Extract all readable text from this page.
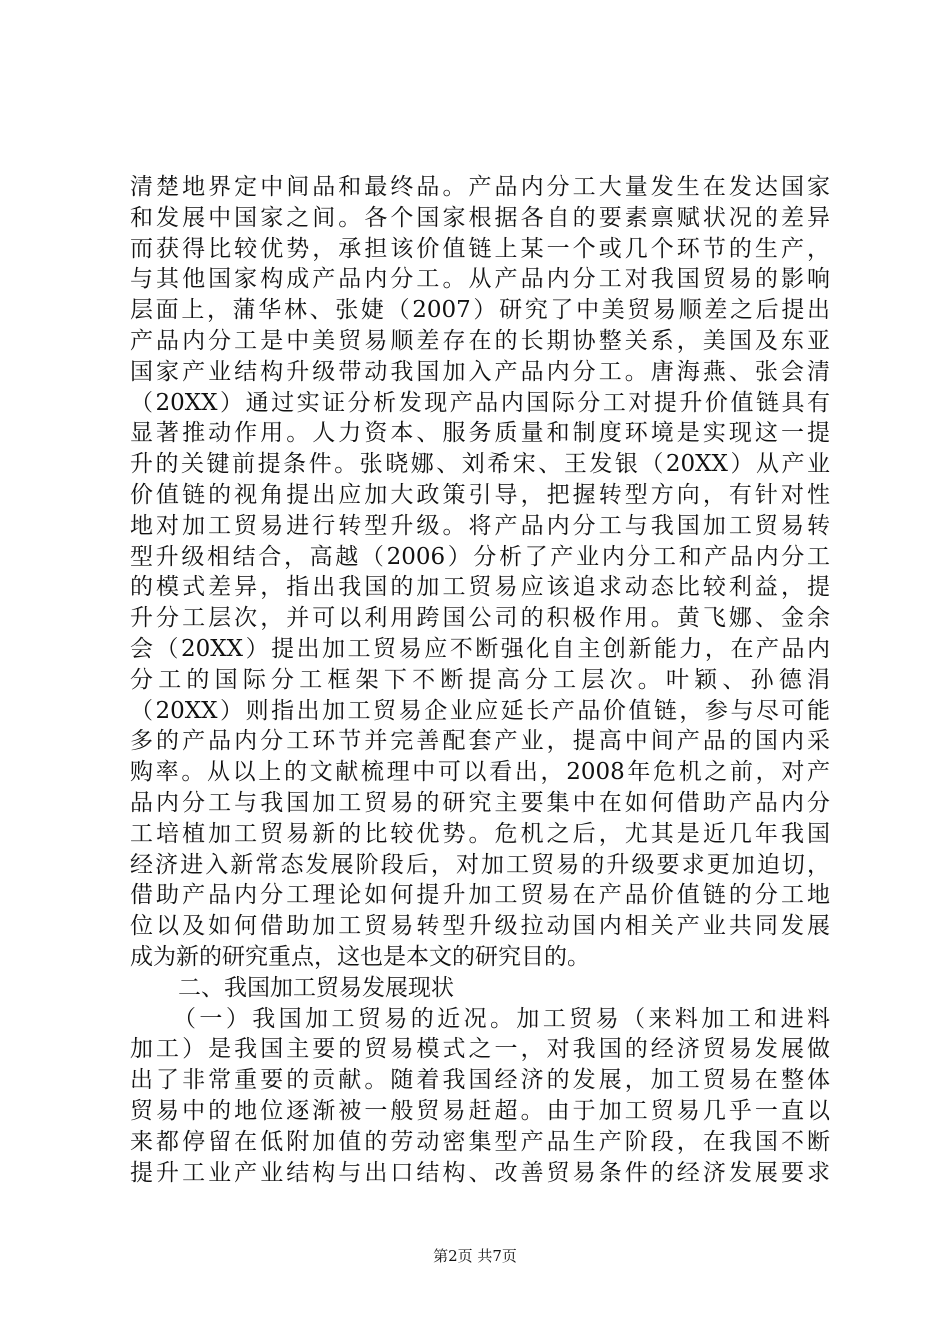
清楚地界定中间品和最终品。产品内分工大量发生在发达国家
和发展中国家之间。各个国家根据各自的要素禀赋状况的差异
而获得比较优势，承担该价值链上某一个或几个环节的生产，
与其他国家构成产品内分工。从产品内分工对我国贸易的影响
层面上，蒲华林、张婕（2007）研究了中美贸易顺差之后提出
产品内分工是中美贸易顺差存在的长期协整关系，美国及东亚
国家产业结构升级带动我国加入产品内分工。唐海燕、张会清
（20XX）通过实证分析发现产品内国际分工对提升价值链具有
显著推动作用。人力资本、服务质量和制度环境是实现这一提
升的关键前提条件。张晓娜、刘希宋、王发银（20XX）从产业
价值链的视角提出应加大政策引导，把握转型方向，有针对性
地对加工贸易进行转型升级。将产品内分工与我国加工贸易转
型升级相结合，高越（2006）分析了产业内分工和产品内分工
的模式差异，指出我国的加工贸易应该追求动态比较利益，提
升分工层次，并可以利用跨国公司的积极作用。黄飞娜、金余
会（20XX）提出加工贸易应不断强化自主创新能力，在产品内
分工的国际分工框架下不断提高分工层次。叶颖、孙德涓
（20XX）则指出加工贸易企业应延长产品价值链，参与尽可能
多的产品内分工环节并完善配套产业，提高中间产品的国内采
购率。从以上的文献梳理中可以看出，2008年危机之前，对产
品内分工与我国加工贸易的研究主要集中在如何借助产品内分
工培植加工贸易新的比较优势。危机之后，尤其是近几年我国
经济进入新常态发展阶段后，对加工贸易的升级要求更加迫切，
借助产品内分工理论如何提升加工贸易在产品价值链的分工地
位以及如何借助加工贸易转型升级拉动国内相关产业共同发展
成为新的研究重点，这也是本文的研究目的。
二、我国加工贸易发展现状
（一）我国加工贸易的近况。加工贸易（来料加工和进料
加工）是我国主要的贸易模式之一，对我国的经济贸易发展做
出了非常重要的贡献。随着我国经济的发展，加工贸易在整体
贸易中的地位逐渐被一般贸易赶超。由于加工贸易几乎一直以
来都停留在低附加值的劳动密集型产品生产阶段，在我国不断
提升工业产业结构与出口结构、改善贸易条件的经济发展要求
第2页 共7页
